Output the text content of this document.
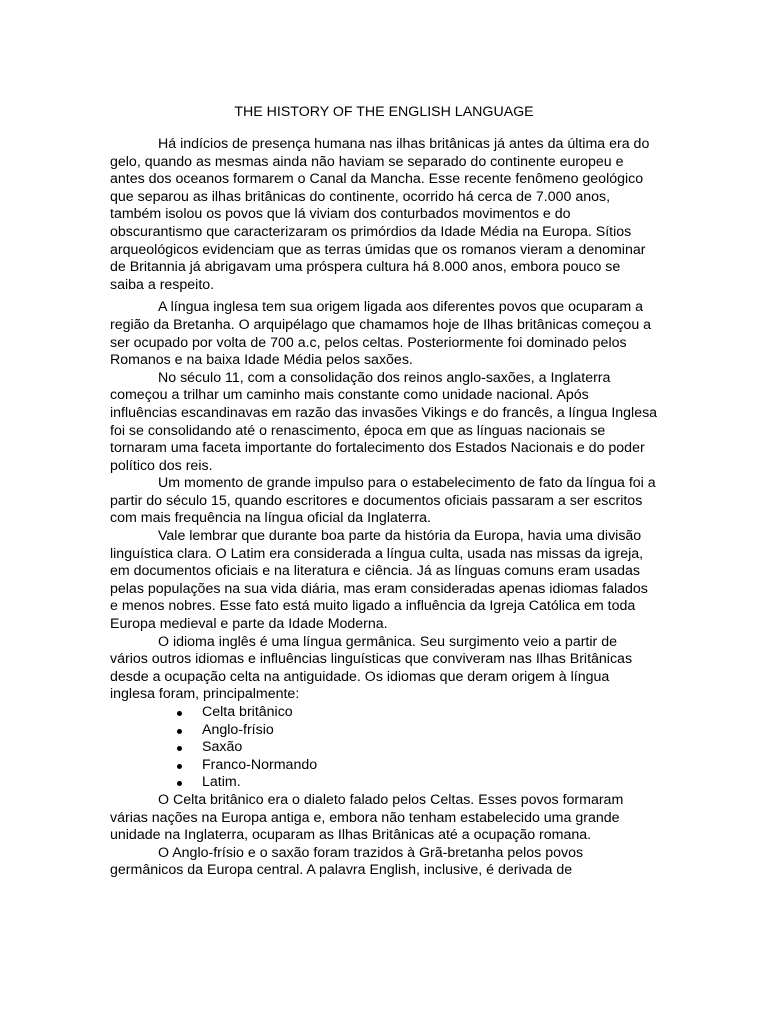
THE HISTORY OF THE ENGLISH LANGUAGE

Há indícios de presença humana nas ilhas britânicas já antes da última era do gelo, quando as mesmas ainda não haviam se separado do continente europeu e antes dos oceanos formarem o Canal da Mancha. Esse recente fenômeno geológico que separou as ilhas britânicas do continente, ocorrido há cerca de 7.000 anos, também isolou os povos que lá viviam dos conturbados movimentos e do obscurantismo que caracterizaram os primórdios da Idade Média na Europa. Sítios arqueológicos evidenciam que as terras úmidas que os romanos vieram a denominar de Britannia já abrigavam uma próspera cultura há 8.000 anos, embora pouco se saiba a respeito.

A língua inglesa tem sua origem ligada aos diferentes povos que ocuparam a região da Bretanha. O arquipélago que chamamos hoje de Ilhas britânicas começou a ser ocupado por volta de 700 a.c, pelos celtas. Posteriormente foi dominado pelos Romanos e na baixa Idade Média pelos saxões.

No século 11, com a consolidação dos reinos anglo-saxões, a Inglaterra começou a trilhar um caminho mais constante como unidade nacional. Após influências escandinavas em razão das invasões Vikings e do francês, a língua Inglesa foi se consolidando até o renascimento, época em que as línguas nacionais se tornaram uma faceta importante do fortalecimento dos Estados Nacionais e do poder político dos reis.

Um momento de grande impulso para o estabelecimento de fato da língua foi a partir do século 15, quando escritores e documentos oficiais passaram a ser escritos com mais frequência na língua oficial da Inglaterra.

Vale lembrar que durante boa parte da história da Europa, havia uma divisão linguística clara. O Latim era considerada a língua culta, usada nas missas da igreja, em documentos oficiais e na literatura e ciência. Já as línguas comuns eram usadas pelas populações na sua vida diária, mas eram consideradas apenas idiomas falados e menos nobres. Esse fato está muito ligado a influência da Igreja Católica em toda Europa medieval e parte da Idade Moderna.

O idioma inglês é uma língua germânica. Seu surgimento veio a partir de vários outros idiomas e influências linguísticas que conviveram nas Ilhas Britânicas desde a ocupação celta na antiguidade. Os idiomas que deram origem à língua inglesa foram, principalmente:

Celta britânico
Anglo-frísio
Saxão
Franco-Normando
Latim.

O Celta britânico era o dialeto falado pelos Celtas. Esses povos formaram várias nações na Europa antiga e, embora não tenham estabelecido uma grande unidade na Inglaterra, ocuparam as Ilhas Britânicas até a ocupação romana.

O Anglo-frísio e o saxão foram trazidos à Grã-bretanha pelos povos germânicos da Europa central. A palavra English, inclusive, é derivada de
